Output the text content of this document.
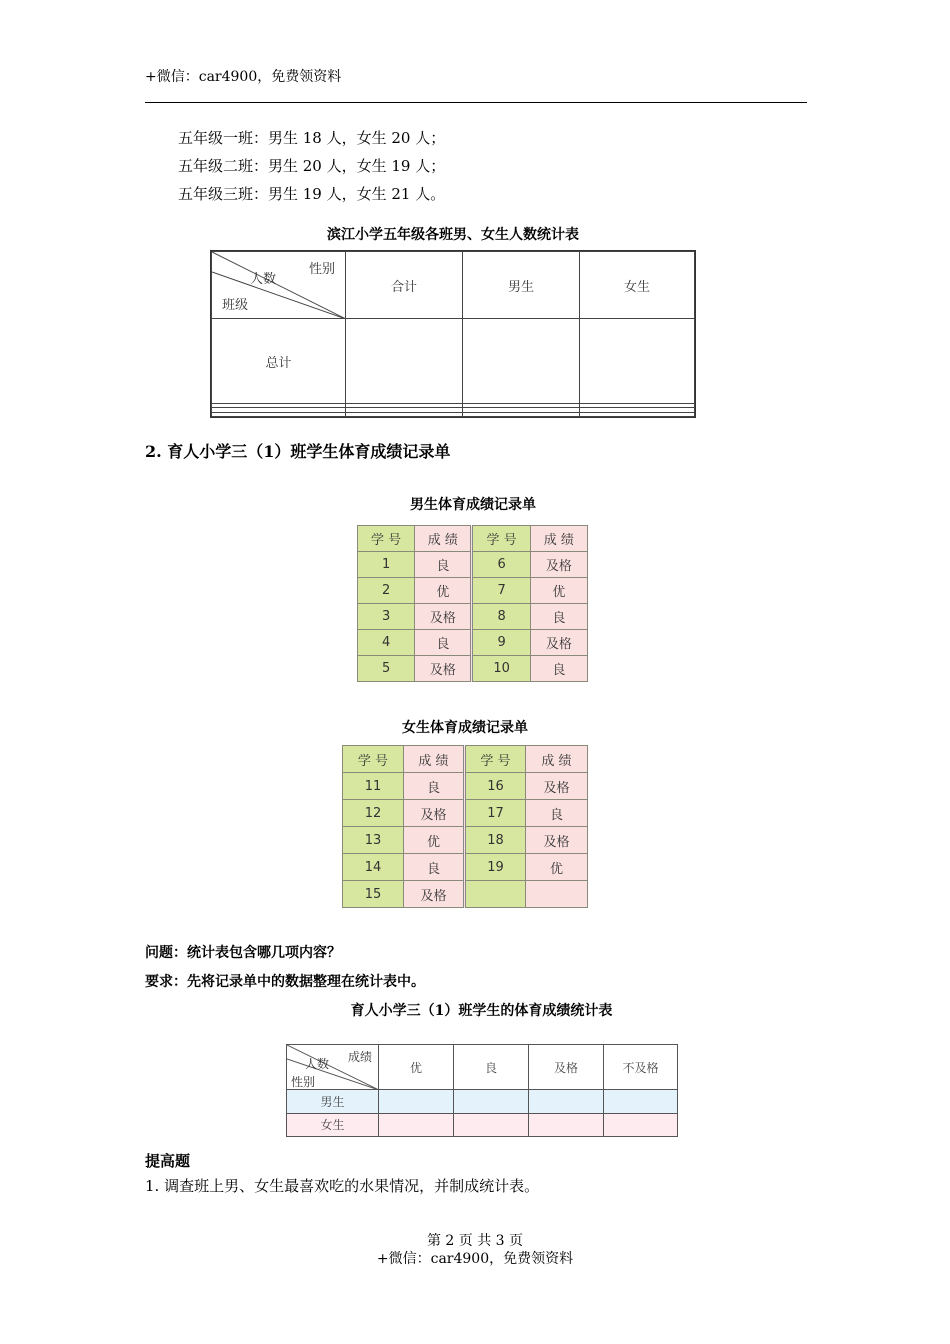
+微信：car4900，免费领资料
五年级一班：男生 18 人，女生 20 人；
五年级二班：男生 20 人，女生 19 人；
五年级三班：男生 19 人，女生 21 人。
滨江小学五年级各班男、女生人数统计表
性别
人数
班级	合计	男生	女生
总计			

2. 育人小学三（1）班学生体育成绩记录单
男生体育成绩记录单
学 号	成 绩	学 号	成 绩
1	良	6	及格
2	优	7	优
3	及格	8	良
4	良	9	及格
5	及格	10	良
女生体育成绩记录单
学 号	成 绩	学 号	成 绩
11	良	16	及格
12	及格	17	良
13	优	18	及格
14	良	19	优
15	及格		
问题：统计表包含哪几项内容？
要求：先将记录单中的数据整理在统计表中。
育人小学三（1）班学生的体育成绩统计表
成绩
人数
性别	优	良	及格	不及格
男生				
女生				
提高题
1. 调查班上男、女生最喜欢吃的水果情况，并制成统计表。
第 2 页 共 3 页
+微信：car4900，免费领资料
